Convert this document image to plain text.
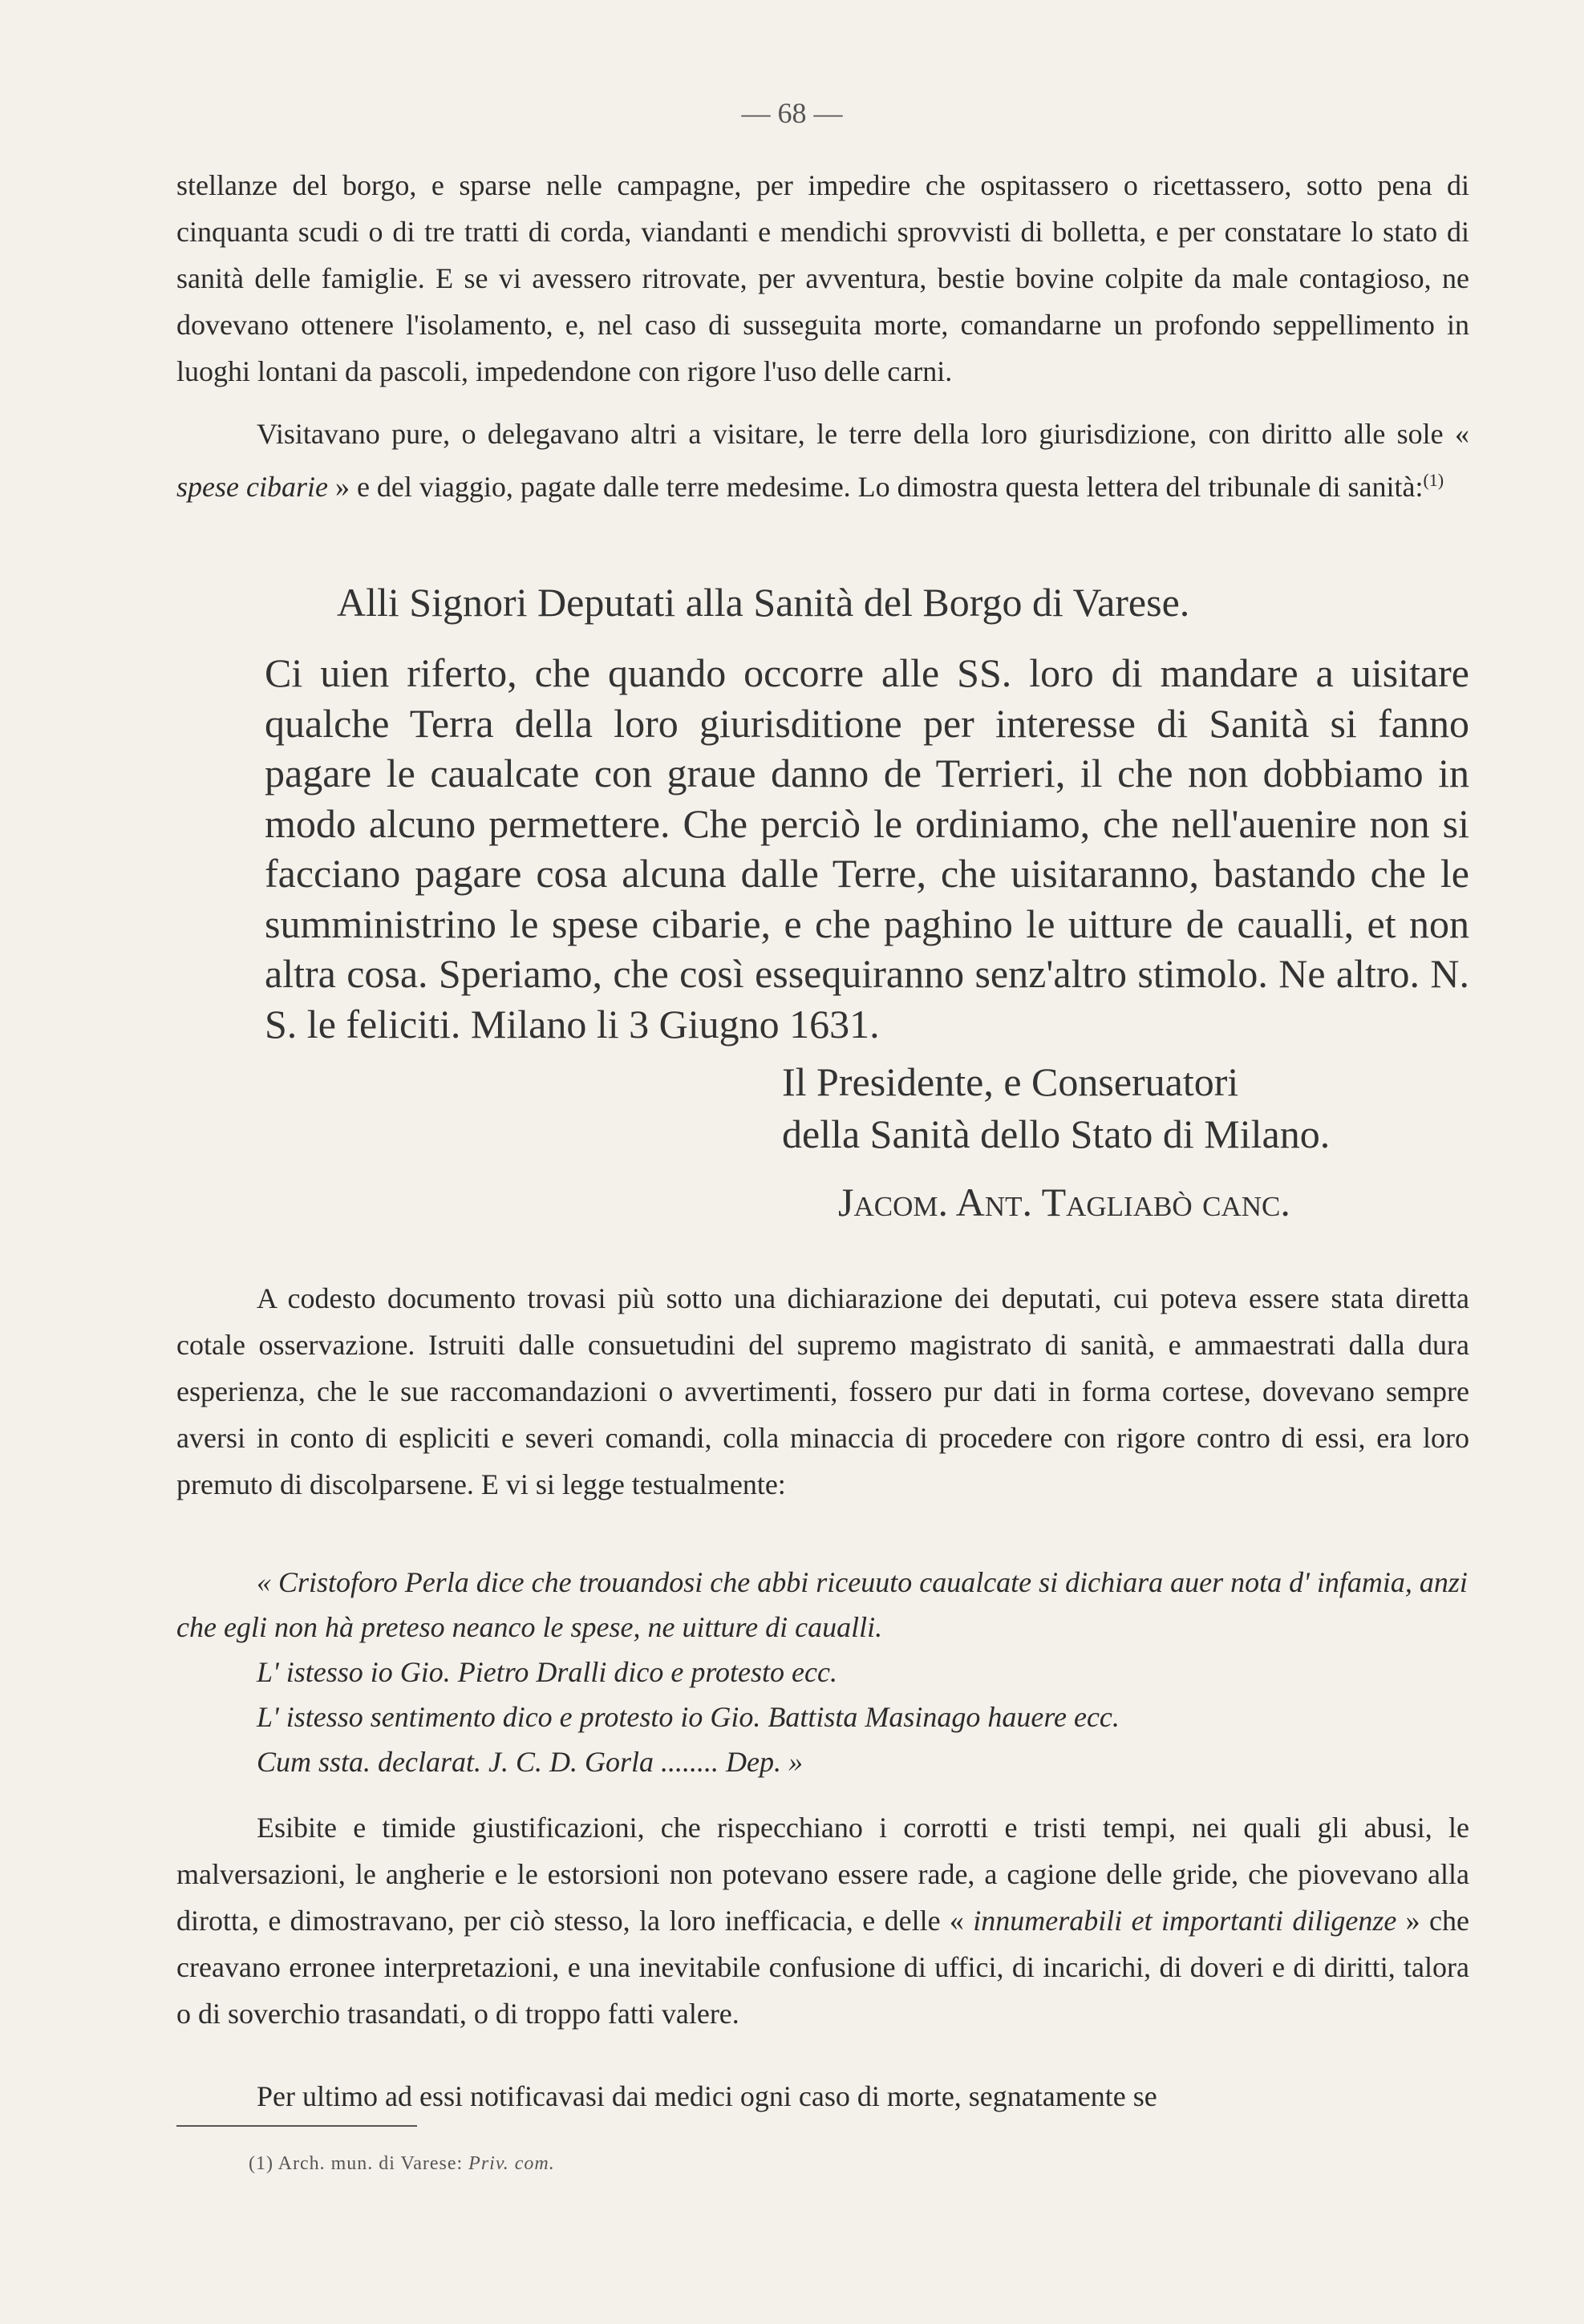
— 68 —

stellanze del borgo, e sparse nelle campagne, per impedire che ospitassero o ricettassero, sotto pena di cinquanta scudi o di tre tratti di corda, viandanti e mendichi sprovvisti di bolletta, e per constatare lo stato di sanità delle famiglie. E se vi avessero ritrovate, per avventura, bestie bovine colpite da male contagioso, ne dovevano ottenere l'isolamento, e, nel caso di susseguita morte, comandarne un profondo seppellimento in luoghi lontani da pascoli, impedendone con rigore l'uso delle carni.

Visitavano pure, o delegavano altri a visitare, le terre della loro giurisdizione, con diritto alle sole « spese cibarie » e del viaggio, pagate dalle terre medesime. Lo dimostra questa lettera del tribunale di sanità:$^{(1)}$

Alli Signori Deputati alla Sanità del Borgo di Varese.

Ci uien riferto, che quando occorre alle SS. loro di mandare a uisitare qualche Terra della loro giurisditione per interesse di Sanità si fanno pagare le caualcate con graue danno de Terrieri, il che non dobbiamo in modo alcuno permettere. Che perciò le ordiniamo, che nell'auenire non si facciano pagare cosa alcuna dalle Terre, che uisitaranno, bastando che le sumministrino le spese cibarie, e che paghino le uitture de caualli, et non altra cosa. Speriamo, che così essequiranno senz'altro stimolo. Ne altro. N. S. le feliciti. Milano li 3 Giugno 1631.

Il Presidente, e Conseruatori
della Sanità dello Stato di Milano.
Jacom. Ant. Tagliabò canc.

A codesto documento trovasi più sotto una dichiarazione dei deputati, cui poteva essere stata diretta cotale osservazione. Istruiti dalle consuetudini del supremo magistrato di sanità, e ammaestrati dalla dura esperienza, che le sue raccomandazioni o avvertimenti, fossero pur dati in forma cortese, dovevano sempre aversi in conto di espliciti e severi comandi, colla minaccia di procedere con rigore contro di essi, era loro premuto di discolparsene. E vi si legge testualmente:

« Cristoforo Perla dice che trouandosi che abbi riceuuto caualcate si dichiara auer nota d' infamia, anzi che egli non hà preteso neanco le spese, ne uitture di caualli.

L' istesso io Gio. Pietro Dralli dico e protesto ecc.

L' istesso sentimento dico e protesto io Gio. Battista Masinago hauere ecc.

Cum ssta. declarat. J. C. D. Gorla ........ Dep. »

Esibite e timide giustificazioni, che rispecchiano i corrotti e tristi tempi, nei quali gli abusi, le malversazioni, le angherie e le estorsioni non potevano essere rade, a cagione delle gride, che piovevano alla dirotta, e dimostravano, per ciò stesso, la loro inefficacia, e delle « innumerabili et importanti diligenze » che creavano erronee interpretazioni, e una inevitabile confusione di uffici, di incarichi, di doveri e di diritti, talora o di soverchio trasandati, o di troppo fatti valere.

Per ultimo ad essi notificavasi dai medici ogni caso di morte, segnatamente se

(1) Arch. mun. di Varese: Priv. com.
